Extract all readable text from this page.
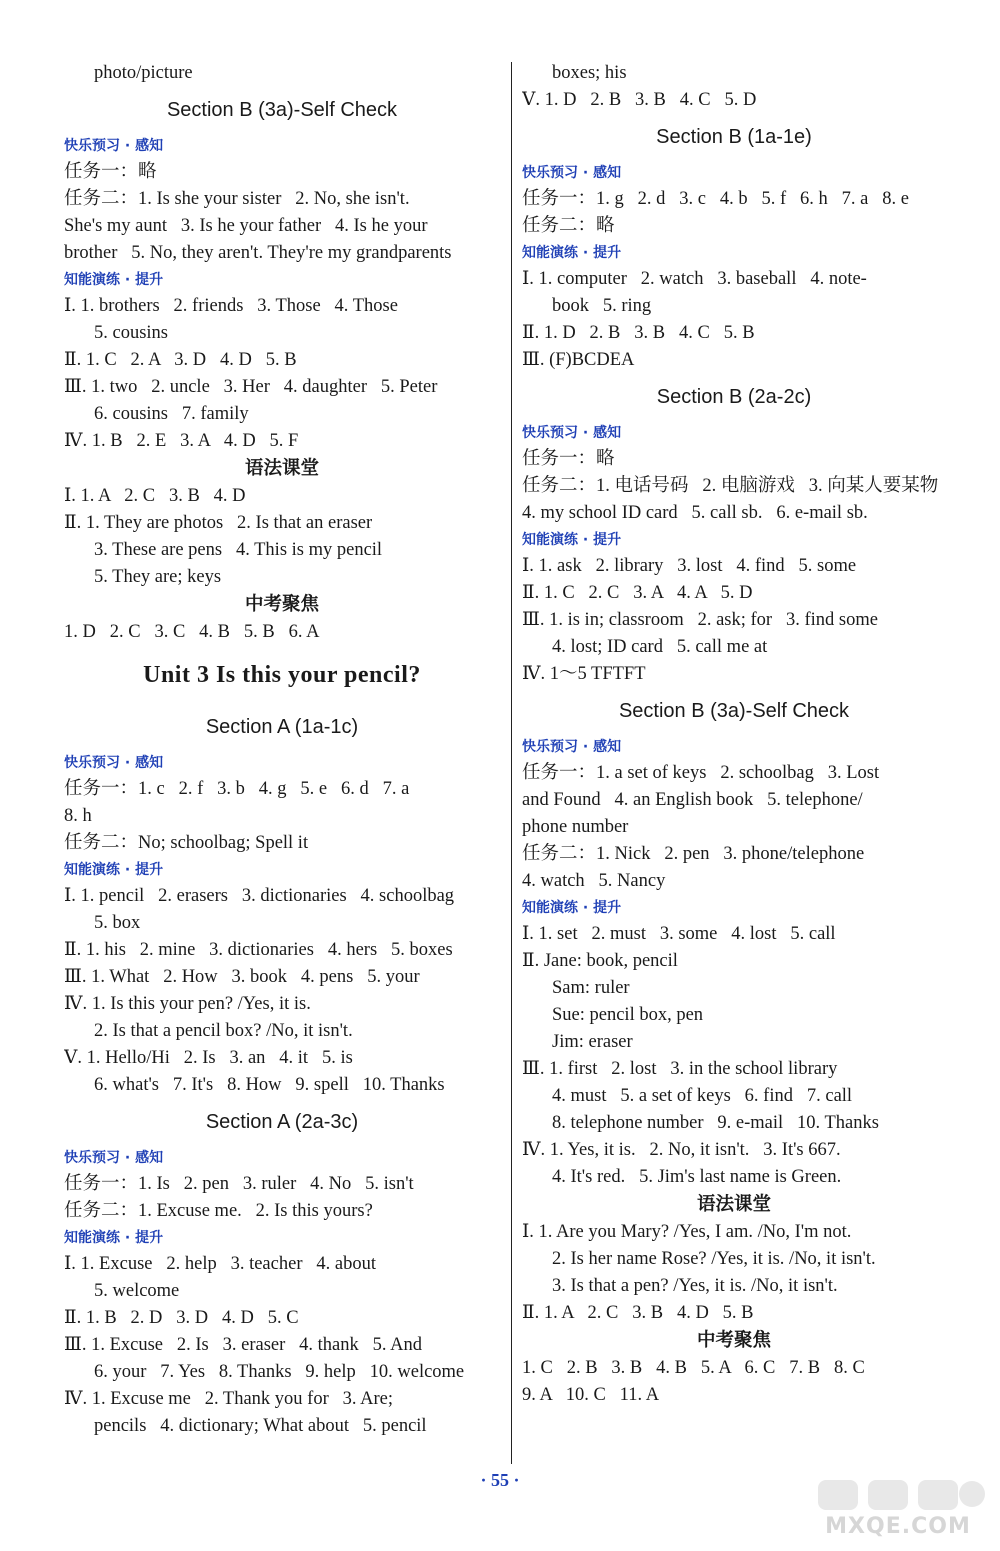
photo/picture
Section B (3a)-Self Check
快乐预习 · 感知
任务一：略
任务二：1. Is she your sister   2. No, she isn't.
She's my aunt   3. Is he your father   4. Is he your
brother   5. No, they aren't. They're my grandparents
知能演练 · 提升
Ⅰ. 1. brothers   2. friends   3. Those   4. Those
5. cousins
Ⅱ. 1. C   2. A   3. D   4. D   5. B
Ⅲ. 1. two   2. uncle   3. Her   4. daughter   5. Peter
6. cousins   7. family
Ⅳ. 1. B   2. E   3. A   4. D   5. F
语法课堂
Ⅰ. 1. A   2. C   3. B   4. D
Ⅱ. 1. They are photos   2. Is that an eraser
3. These are pens   4. This is my pencil
5. They are; keys
中考聚焦
1. D   2. C   3. C   4. B   5. B   6. A
Unit 3 Is this your pencil?
Section A (1a-1c)
快乐预习 · 感知
任务一：1. c   2. f   3. b   4. g   5. e   6. d   7. a
8. h
任务二：No; schoolbag; Spell it
知能演练 · 提升
Ⅰ. 1. pencil   2. erasers   3. dictionaries   4. schoolbag
5. box
Ⅱ. 1. his   2. mine   3. dictionaries   4. hers   5. boxes
Ⅲ. 1. What   2. How   3. book   4. pens   5. your
Ⅳ. 1. Is this your pen? /Yes, it is.
2. Is that a pencil box? /No, it isn't.
Ⅴ. 1. Hello/Hi   2. Is   3. an   4. it   5. is
6. what's   7. It's   8. How   9. spell   10. Thanks
Section A (2a-3c)
快乐预习 · 感知
任务一：1. Is   2. pen   3. ruler   4. No   5. isn't
任务二：1. Excuse me.   2. Is this yours?
知能演练 · 提升
Ⅰ. 1. Excuse   2. help   3. teacher   4. about
5. welcome
Ⅱ. 1. B   2. D   3. D   4. D   5. C
Ⅲ. 1. Excuse   2. Is   3. eraser   4. thank   5. And
6. your   7. Yes   8. Thanks   9. help   10. welcome
Ⅳ. 1. Excuse me   2. Thank you for   3. Are;
pencils   4. dictionary; What about   5. pencil
boxes; his
Ⅴ. 1. D   2. B   3. B   4. C   5. D
Section B (1a-1e)
快乐预习 · 感知
任务一：1. g   2. d   3. c   4. b   5. f   6. h   7. a   8. e
任务二：略
知能演练 · 提升
Ⅰ. 1. computer   2. watch   3. baseball   4. note-
book   5. ring
Ⅱ. 1. D   2. B   3. B   4. C   5. B
Ⅲ. (F)BCDEA
Section B (2a-2c)
快乐预习 · 感知
任务一：略
任务二：1. 电话号码   2. 电脑游戏   3. 向某人要某物
4. my school ID card   5. call sb.   6. e-mail sb.
知能演练 · 提升
Ⅰ. 1. ask   2. library   3. lost   4. find   5. some
Ⅱ. 1. C   2. C   3. A   4. A   5. D
Ⅲ. 1. is in; classroom   2. ask; for   3. find some
4. lost; ID card   5. call me at
Ⅳ. 1～5 TFTFT
Section B (3a)-Self Check
快乐预习 · 感知
任务一：1. a set of keys   2. schoolbag   3. Lost
and Found   4. an English book   5. telephone/
phone number
任务二：1. Nick   2. pen   3. phone/telephone
4. watch   5. Nancy
知能演练 · 提升
Ⅰ. 1. set   2. must   3. some   4. lost   5. call
Ⅱ. Jane: book, pencil
Sam: ruler
Sue: pencil box, pen
Jim: eraser
Ⅲ. 1. first   2. lost   3. in the school library
4. must   5. a set of keys   6. find   7. call
8. telephone number   9. e-mail   10. Thanks
Ⅳ. 1. Yes, it is.   2. No, it isn't.   3. It's 667.
4. It's red.   5. Jim's last name is Green.
语法课堂
Ⅰ. 1. Are you Mary? /Yes, I am. /No, I'm not.
2. Is her name Rose? /Yes, it is. /No, it isn't.
3. Is that a pen? /Yes, it is. /No, it isn't.
Ⅱ. 1. A   2. C   3. B   4. D   5. B
中考聚焦
1. C   2. B   3. B   4. B   5. A   6. C   7. B   8. C
9. A   10. C   11. A
· 55 ·
MXQE.COM
